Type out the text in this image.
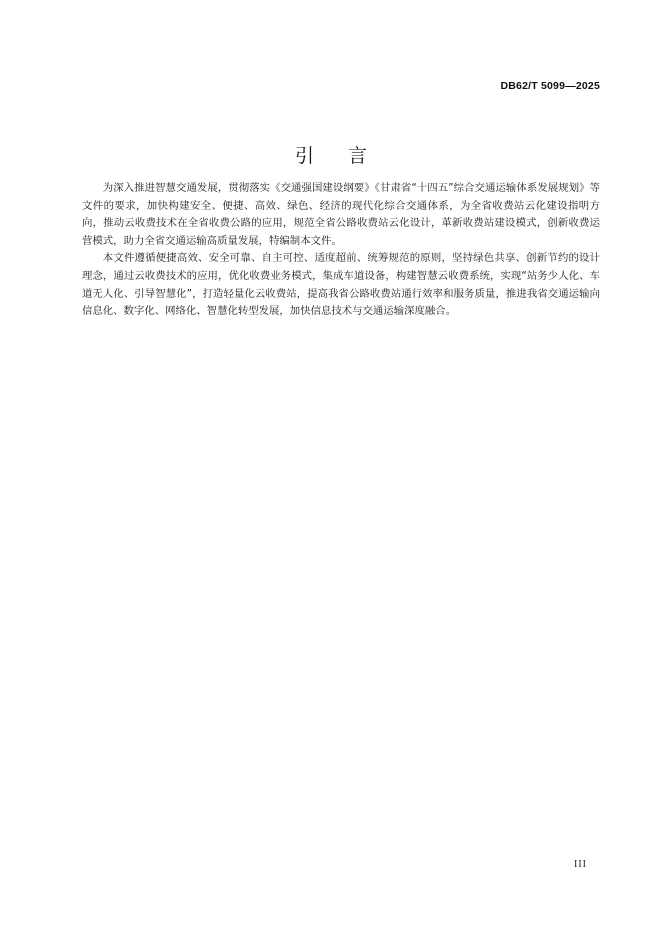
DB62/T 5099—2025
引 言

为深入推进智慧交通发展，贯彻落实《交通强国建设纲要》《甘肃省“十四五”综合交通运输体系发展规划》等文件的要求，加快构建安全、便捷、高效、绿色、经济的现代化综合交通体系，为全省收费站云化建设指明方向，推动云收费技术在全省收费公路的应用，规范全省公路收费站云化设计，革新收费站建设模式，创新收费运营模式，助力全省交通运输高质量发展，特编制本文件。

本文件遵循便捷高效、安全可靠、自主可控、适度超前、统筹规范的原则，坚持绿色共享、创新节约的设计理念，通过云收费技术的应用，优化收费业务模式，集成车道设备，构建智慧云收费系统，实现“站务少人化、车道无人化、引导智慧化”，打造轻量化云收费站，提高我省公路收费站通行效率和服务质量，推进我省交通运输向信息化、数字化、网络化、智慧化转型发展，加快信息技术与交通运输深度融合。

III
